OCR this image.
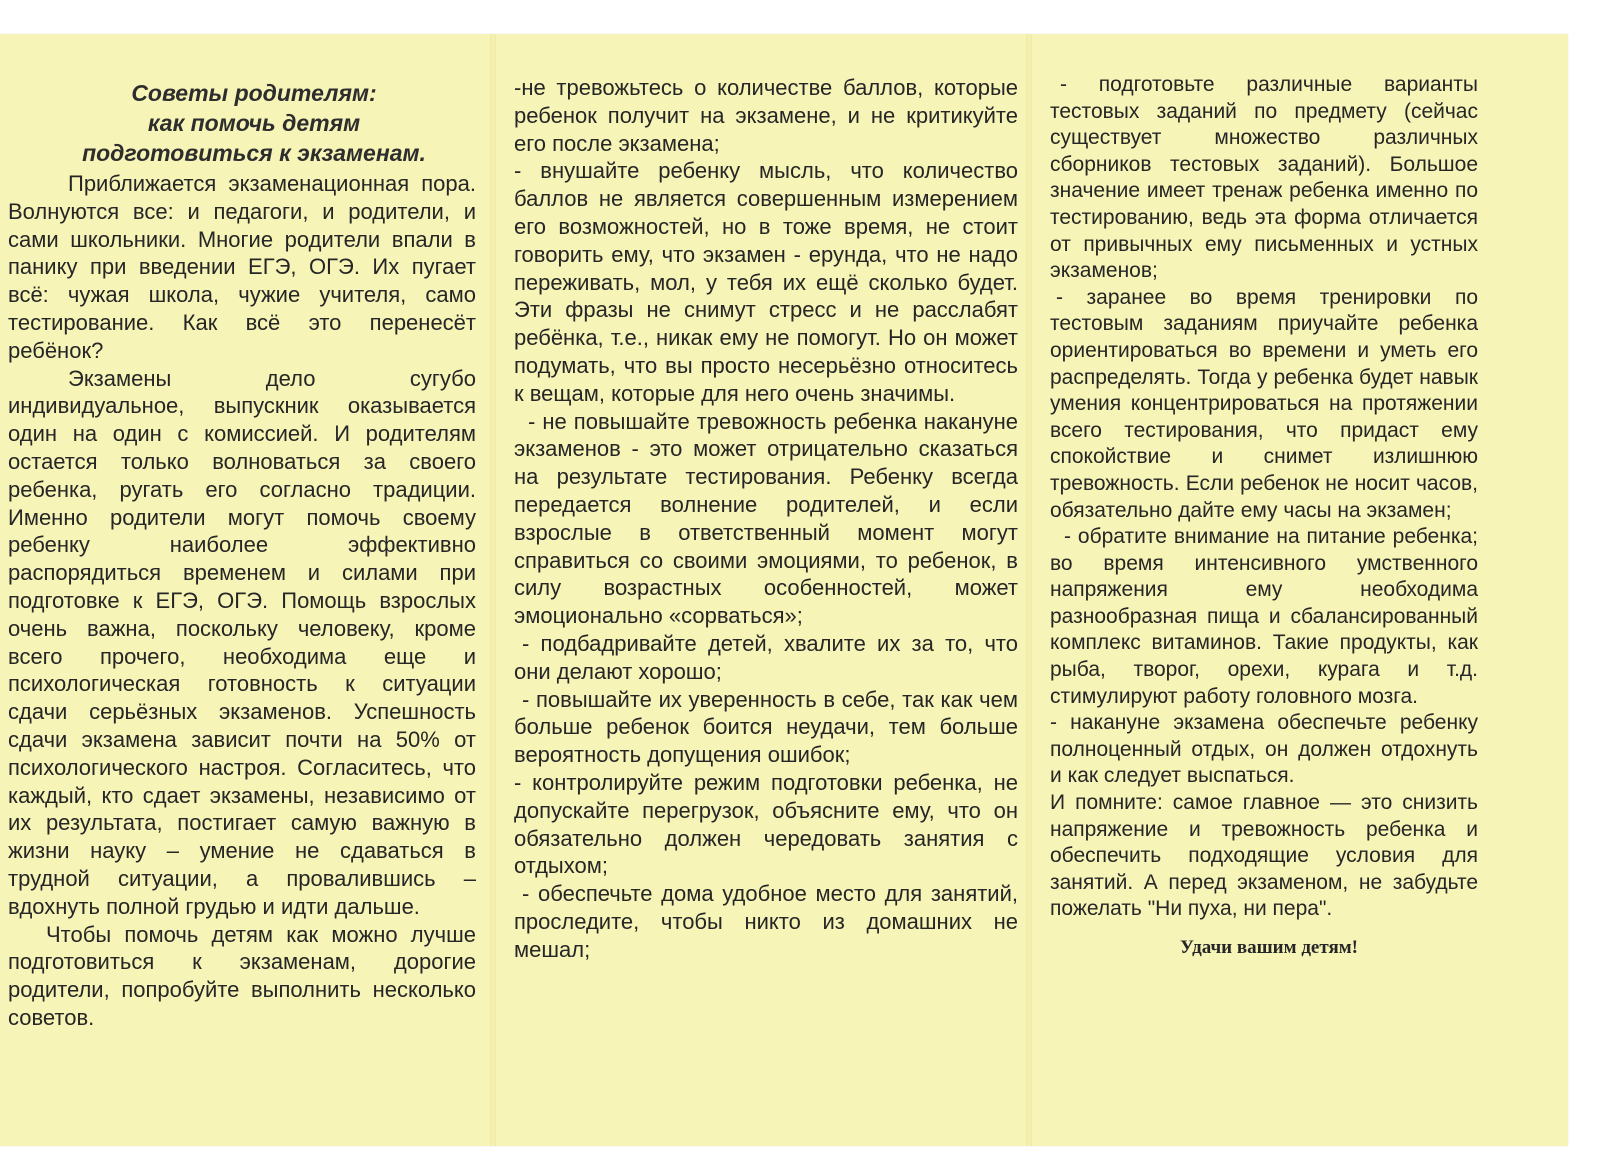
Советы родителям:
как помочь детям
подготовиться к экзаменам.

Приближается экзаменационная пора. Волнуются все: и педагоги, и родители, и сами школьники. Многие родители впали в панику при введении ЕГЭ, ОГЭ. Их пугает всё: чужая школа, чужие учителя, само тестирование. Как всё это перенесёт ребёнок?

Экзамены дело сугубо индивидуальное, выпускник оказывается один на один с комиссией. И родителям остается только волноваться за своего ребенка, ругать его согласно традиции. Именно родители могут помочь своему ребенку наиболее эффективно распорядиться временем и силами при подготовке к ЕГЭ, ОГЭ. Помощь взрослых очень важна, поскольку человеку, кроме всего прочего, необходима еще и психологическая готовность к ситуации сдачи серьёзных экзаменов. Успешность сдачи экзамена зависит почти на 50% от психологического настроя. Согласитесь, что каждый, кто сдает экзамены, независимо от их результата, постигает самую важную в жизни науку – умение не сдаваться в трудной ситуации, а провалившись – вдохнуть полной грудью и идти дальше.

Чтобы помочь детям как можно лучше подготовиться к экзаменам, дорогие родители, попробуйте выполнить несколько советов.

-не тревожьтесь о количестве баллов, которые ребенок получит на экзамене, и не критикуйте его после экзамена;

- внушайте ребенку мысль, что количество баллов не является совершенным измерением его возможностей, но в тоже время, не стоит говорить ему, что экзамен - ерунда, что не надо переживать, мол, у тебя их ещё сколько будет. Эти фразы не снимут стресс и не расслабят ребёнка, т.е., никак ему не помогут. Но он может подумать, что вы просто несерьёзно относитесь к вещам, которые для него очень значимы.

- не повышайте тревожность ребенка накануне экзаменов - это может отрицательно сказаться на результате тестирования. Ребенку всегда передается волнение родителей, и если взрослые в ответственный момент могут справиться со своими эмоциями, то ребенок, в силу возрастных особенностей, может эмоционально «сорваться»;

- подбадривайте детей, хвалите их за то, что они делают хорошо;

- повышайте их уверенность в себе, так как чем больше ребенок боится неудачи, тем больше вероятность допущения ошибок;

- контролируйте режим подготовки ребенка, не допускайте перегрузок, объясните ему, что он обязательно должен чередовать занятия с отдыхом;

- обеспечьте дома удобное место для занятий, проследите, чтобы никто из домашних не мешал;

- подготовьте различные варианты тестовых заданий по предмету (сейчас существует множество различных сборников тестовых заданий). Большое значение имеет тренаж ребенка именно по тестированию, ведь эта форма отличается от привычных ему письменных и устных экзаменов;

- заранее во время тренировки по тестовым заданиям приучайте ребенка ориентироваться во времени и уметь его распределять. Тогда у ребенка будет навык умения концентрироваться на протяжении всего тестирования, что придаст ему спокойствие и снимет излишнюю тревожность. Если ребенок не носит часов, обязательно дайте ему часы на экзамен;

- обратите внимание на питание ребенка; во время интенсивного умственного напряжения ему необходима разнообразная пища и сбалансированный комплекс витаминов. Такие продукты, как рыба, творог, орехи, курага и т.д. стимулируют работу головного мозга.

- накануне экзамена обеспечьте ребенку полноценный отдых, он должен отдохнуть и как следует выспаться.

И помните: самое главное — это снизить напряжение и тревожность ребенка и обеспечить подходящие условия для занятий. А перед экзаменом, не забудьте пожелать "Ни пуха, ни пера".

Удачи вашим детям!
